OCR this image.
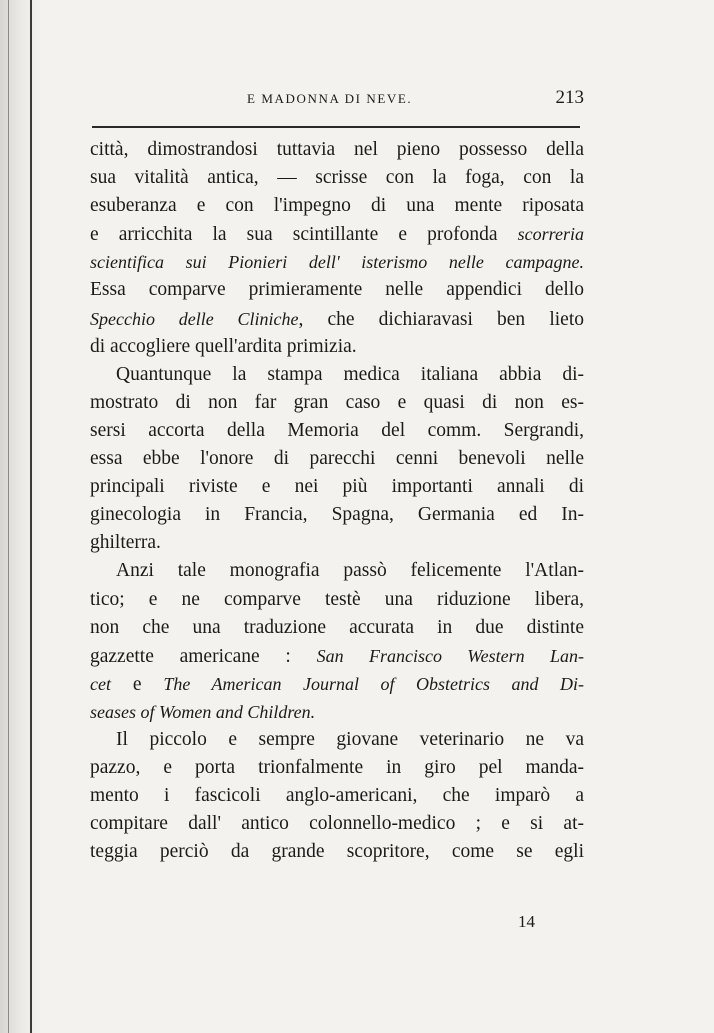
E MADONNA DI NEVE.	213
città, dimostrandosi tuttavia nel pieno possesso della
sua vitalità antica, — scrisse con la foga, con la
esuberanza e con l'impegno di una mente riposata
e arricchita la sua scintillante e profonda scorreria
scientifica sui Pionieri dell' isterismo nelle campagne.
Essa comparve primieramente nelle appendici dello
Specchio delle Cliniche, che dichiaravasi ben lieto
di accogliere quell'ardita primizia.
Quantunque la stampa medica italiana abbia di-
mostrato di non far gran caso e quasi di non es-
sersi accorta della Memoria del comm. Sergrandi,
essa ebbe l'onore di parecchi cenni benevoli nelle
principali riviste e nei più importanti annali di
ginecologia in Francia, Spagna, Germania ed In-
ghilterra.
Anzi tale monografia passò felicemente l'Atlan-
tico; e ne comparve testè una riduzione libera,
non che una traduzione accurata in due distinte
gazzette americane : San Francisco Western Lan-
cet e The American Journal of Obstetrics and Di-
seases of Women and Children.
Il piccolo e sempre giovane veterinario ne va
pazzo, e porta trionfalmente in giro pel manda-
mento i fascicoli anglo-americani, che imparò a
compitare dall' antico colonnello-medico ; e si at-
teggia perciò da grande scopritore, come se egli
14
